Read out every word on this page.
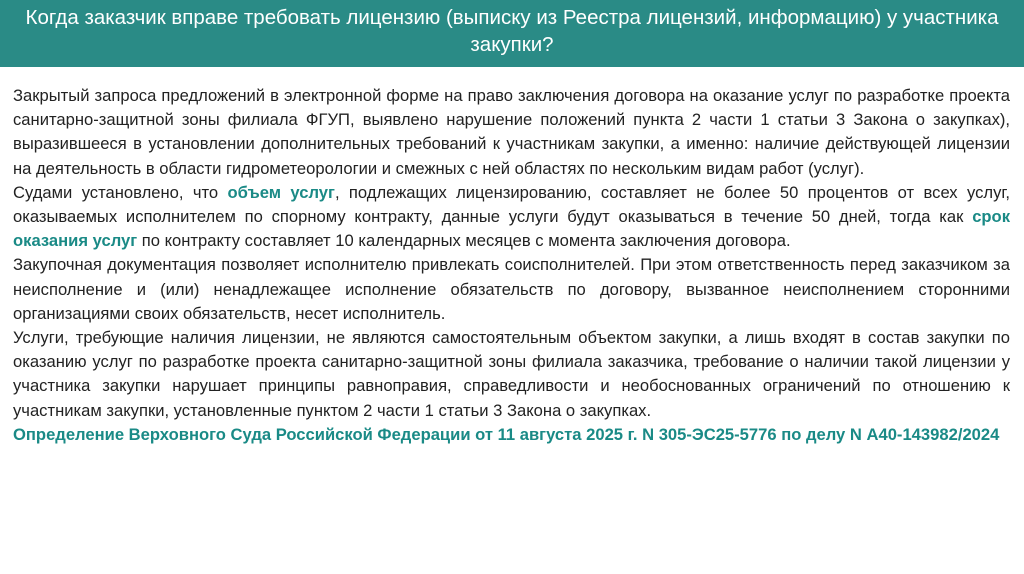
Когда заказчик вправе требовать лицензию (выписку из Реестра лицензий, информацию) у участника закупки?

Закрытый запроса предложений в электронной форме на право заключения договора на оказание услуг по разработке проекта санитарно-защитной зоны филиала ФГУП, выявлено нарушение положений пункта 2 части 1 статьи 3 Закона о закупках), выразившееся в установлении дополнительных требований к участникам закупки, а именно: наличие действующей лицензии на деятельность в области гидрометеорологии и смежных с ней областях по нескольким видам работ (услуг).

Судами установлено, что объем услуг, подлежащих лицензированию, составляет не более 50 процентов от всех услуг, оказываемых исполнителем по спорному контракту, данные услуги будут оказываться в течение 50 дней, тогда как срок оказания услуг по контракту составляет 10 календарных месяцев с момента заключения договора.

Закупочная документация позволяет исполнителю привлекать соисполнителей. При этом ответственность перед заказчиком за неисполнение и (или) ненадлежащее исполнение обязательств по договору, вызванное неисполнением сторонними организациями своих обязательств, несет исполнитель.

Услуги, требующие наличия лицензии, не являются самостоятельным объектом закупки, а лишь входят в состав закупки по оказанию услуг по разработке проекта санитарно-защитной зоны филиала заказчика, требование о наличии такой лицензии у участника закупки нарушает принципы равноправия, справедливости и необоснованных ограничений по отношению к участникам закупки, установленные пунктом 2 части 1 статьи 3 Закона о закупках.

Определение Верховного Суда Российской Федерации от 11 августа 2025 г. N 305-ЭС25-5776 по делу N А40-143982/2024
